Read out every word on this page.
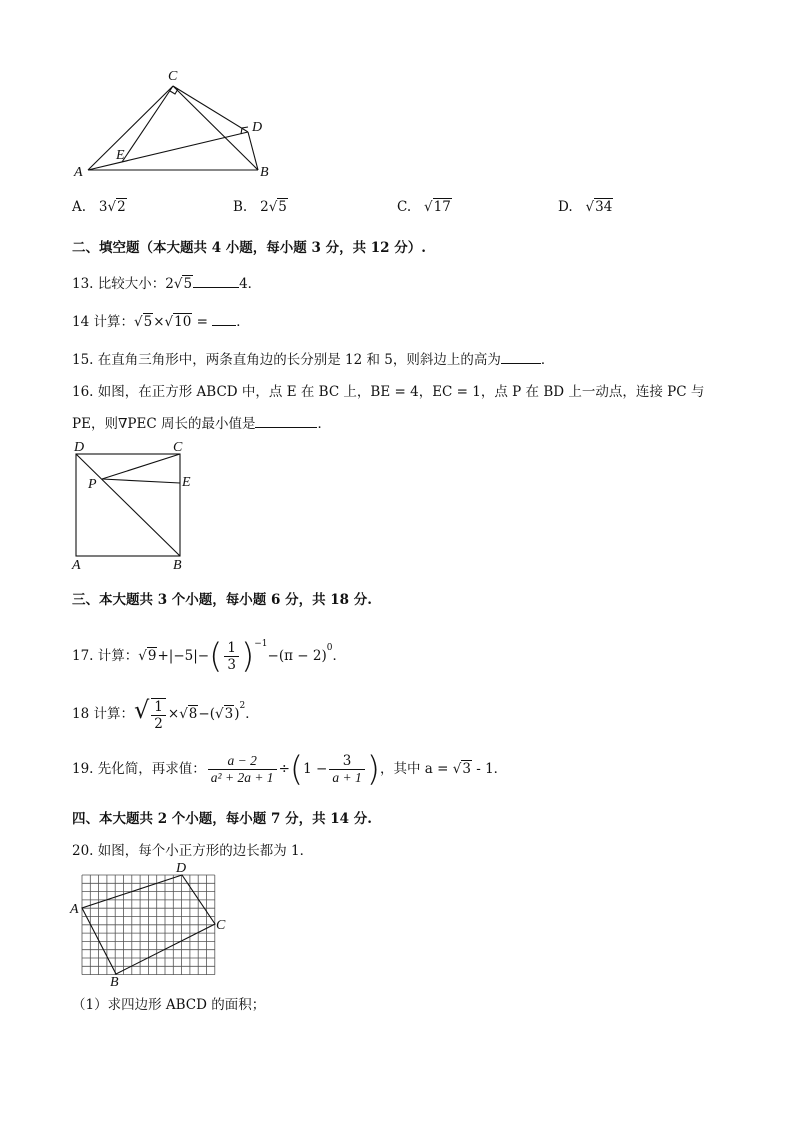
C
D
A	B
E
A. 3√2	B. 2√5	C. √17	D. √34
二、填空题（本大题共 4 小题，每小题 3 分，共 12 分）.
13. 比较大小：2√5	4．
14 计算：√5×√10 = ．
15. 在直角三角形中，两条直角边的长分别是 12 和 5，则斜边上的高为	．
16. 如图，在正方形 ABCD 中，点 E 在 BC 上，BE = 4，EC = 1，点 P 在 BD 上一动点，连接 PC 与
PE，则∇PEC 周长的最小值是	．
D	C
P	E
A	B
三、本大题共 3 个小题，每小题 6 分，共 18 分.
17. 计算：$√9+|-5|-( \frac{1}{3} )^{-1}-(\pi - 2)^0$．
18 计算：√ $\frac{1}{2} \times√8-(√3)^2$．
19. 先化简，再求值： $\frac{a - 2}{\text{a² + 2a + 1}} \div(1 - \frac{3}{a + 1}$ )，其中 a = √3 - 1．
四、本大题共 2 个小题，每小题 7 分，共 14 分.
20. 如图，每个小正方形的边长都为 1．
A
B
C
D
（1）求四边形 ABCD 的面积；
